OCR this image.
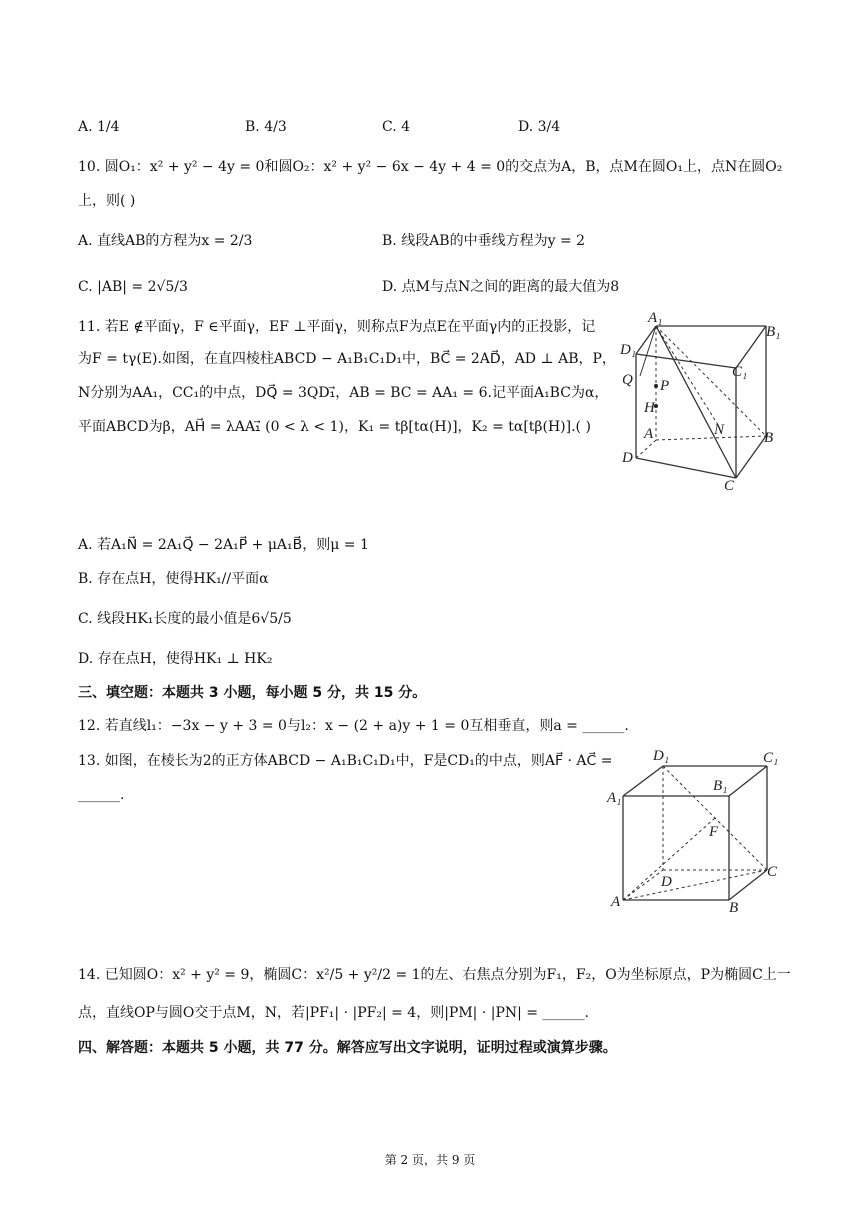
A. 1/4	B. 4/3	C. 4	D. 3/4
10. 圆O₁：x² + y² − 4y = 0和圆O₂：x² + y² − 6x − 4y + 4 = 0的交点为A，B，点M在圆O₁上，点N在圆O₂
上，则( )
A. 直线AB的方程为x = 2/3	B. 线段AB的中垂线方程为y = 2
C. |AB| = 2√5/3	D. 点M与点N之间的距离的最大值为8
11. 若E ∉平面γ，F ∈平面γ，EF ⊥平面γ，则称点F为点E在平面γ内的正投影，记
为F = tγ(E).如图，在直四棱柱ABCD − A₁B₁C₁D₁中，BC⃗ = 2AD⃗，AD ⊥ AB，P，
N分别为AA₁，CC₁的中点，DQ⃗ = 3QD₁⃗，AB = BC = AA₁ = 6.记平面A₁BC为α，
平面ABCD为β，AH⃗ = λAA₁⃗ (0 < λ < 1)，K₁ = tβ[tα(H)]，K₂ = tα[tβ(H)].( )
A₁
B₁
D₁
C₁
Q P
H
A	N	B
D
C
A. 若A₁N⃗ = 2A₁Q⃗ − 2A₁P⃗ + μA₁B⃗，则μ = 1
B. 存在点H，使得HK₁//平面α
C. 线段HK₁长度的最小值是6√5/5
D. 存在点H，使得HK₁ ⊥ HK₂
三、填空题：本题共 3 小题，每小题 5 分，共 15 分。
12. 若直线l₁：−3x − y + 3 = 0与l₂：x − (2 + a)y + 1 = 0互相垂直，则a = ______.
13. 如图，在棱长为2的正方体ABCD − A₁B₁C₁D₁中，F是CD₁的中点，则AF⃗ · AC⃗ =
______.
D₁	C₁
A₁
B₁
F
D
C
A	B
14. 已知圆O：x² + y² = 9，椭圆C：x²/5 + y²/2 = 1的左、右焦点分别为F₁，F₂，O为坐标原点，P为椭圆C上一
点，直线OP与圆O交于点M，N，若|PF₁| · |PF₂| = 4，则|PM| · |PN| = ______.
四、解答题：本题共 5 小题，共 77 分。解答应写出文字说明，证明过程或演算步骤。
第 2 页，共 9 页
